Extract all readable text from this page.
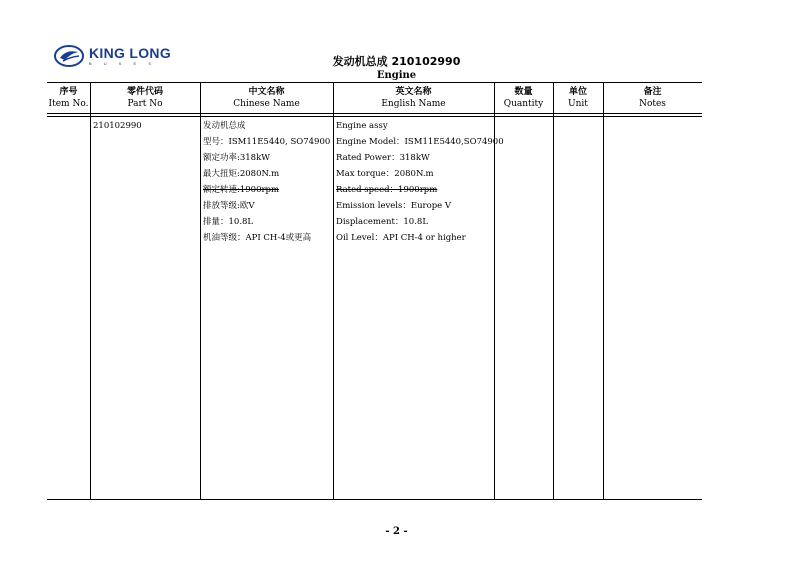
KING LONG
B U S E S	发动机总成 210102990
Engine
序号
Item No.
零件代码
Part No
中文名称
Chinese Name
英文名称
English Name
数量
Quantity
单位
Unit
备注
Notes
210102990	发动机总成
型号：ISM11E5440, SO74900
额定功率:318kW
最大扭矩:2080N.m
额定转速:1900rpm
排放等级:欧V
排量：10.8L
机油等级：API CH-4或更高
Engine assy
Engine Model：ISM11E5440,SO74900
Rated Power：318kW
Max torque：2080N.m
Rated speed：1900rpm
Emission levels：Europe V
Displacement：10.8L
Oil Level：API CH-4 or higher
- 2 -
